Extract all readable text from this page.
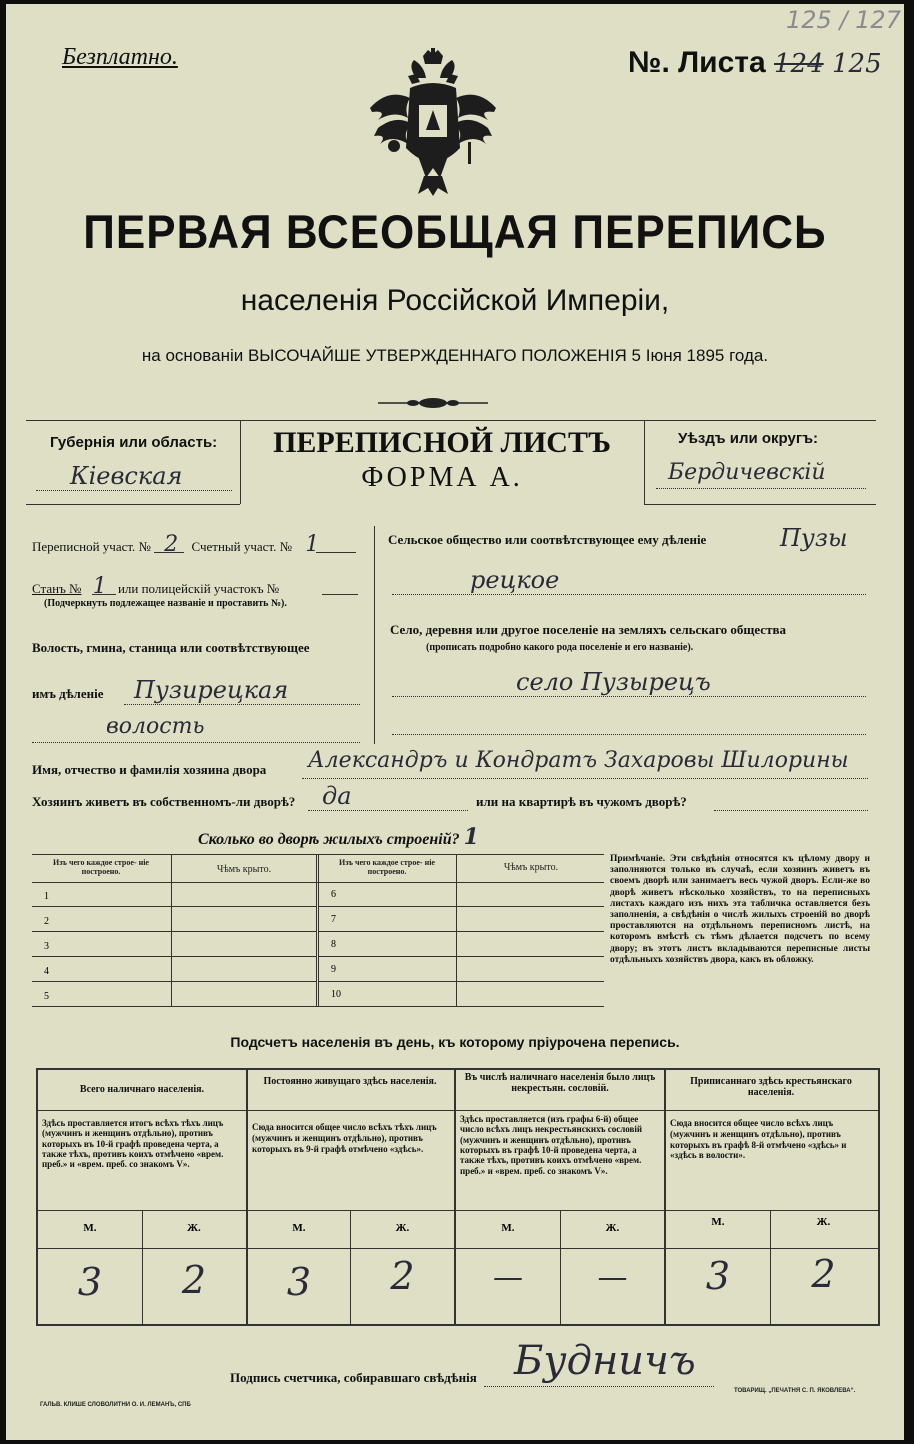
125 / 127
Безплатно.	№. Листа 124 125
ПЕРВАЯ ВСЕОБЩАЯ ПЕРЕПИСЬ
населенія Россійской Имперіи,
на основаніи ВЫСОЧАЙШЕ УТВЕРЖДЕННАГО ПОЛОЖЕНІЯ 5 Іюня 1895 года.
Губернія или область:
Кіевская
ПЕРЕПИСНОЙ ЛИСТЪ
ФОРМА А.
Уѣздъ или округъ:
Бердичевскій
Переписной участ. № 2 Счетный участ. № 1
Станъ № 1 или полицейскій участокъ №
(Подчеркнуть подлежащее названіе и проставить №).
Волость, гмина, станица или соотвѣтствующее
имъ дѣленіе Пузирецкая
волость
Сельское общество или соотвѣтствующее ему дѣленіе	Пузы
рецкое
Село, деревня или другое поселеніе на земляхъ сельскаго общества
(прописать подробно какого рода поселеніе и его названіе).
село Пузырецъ
Имя, отчество и фамилія хозяина двора Александръ и Кондратъ Захаровы Шилорины
Хозяинъ живетъ въ собственномъ-ли дворѣ? да	или на квартирѣ въ чужомъ дворѣ?
Сколько во дворѣ жилыхъ строеній? 1
Изъ чего каждое строе- ніе построено.	Чѣмъ крыто.
Изъ чего каждое строе- ніе построено.	Чѣмъ крыто.
1
2
3
4
5
6
7
8
9
10
Примѣчаніе. Эти свѣдѣнія относятся къ цѣлому двору и заполняются только въ случаѣ, если хозяинъ живетъ въ своемъ дворѣ или занимаетъ весь чужой дворъ. Если-же во дворѣ живетъ нѣсколько хозяйствъ, то на переписныхъ листахъ каждаго изъ нихъ эта табличка оставляется безъ заполненія, а свѣдѣнія о числѣ жилыхъ строеній во дворѣ проставляются на отдѣльномъ переписномъ листѣ, на которомъ вмѣстѣ съ тѣмъ дѣлается подсчетъ по всему двору; въ этотъ листъ вкладываются переписные листы отдѣльныхъ хозяйствъ двора, какъ въ обложку.
Подсчетъ населенія въ день, къ которому пріурочена перепись.
Всего наличнаго населенія.
Здѣсь проставляется итогъ всѣхъ тѣхъ лицъ (мужчинъ и женщинъ отдѣльно), противъ которыхъ въ 10-й графѣ проведена черта, а также тѣхъ, противъ коихъ отмѣчено «врем. преб.» и «врем. преб. со знакомъ V».
М.	Ж.
3	2
Постоянно живущаго здѣсь населенія.
Сюда вносится общее число всѣхъ тѣхъ лицъ (мужчинъ и женщинъ отдѣльно), противъ которыхъ въ 9-й графѣ отмѣчено «здѣсь».
М.	Ж.
3	2
Въ числѣ наличнаго населенія было лицъ некрестьян. сословій.
Здѣсь проставляется (изъ графы 6-й) общее число всѣхъ лицъ некрестьянскихъ сословій (мужчинъ и женщинъ отдѣльно), противъ которыхъ въ графѣ 10-й проведена черта, а также тѣхъ, противъ коихъ отмѣчено «врем. преб.» и «врем. преб. со знакомъ V».
М.	Ж.
—	—
Приписаннаго здѣсь крестьянскаго населенія.
Сюда вносится общее число всѣхъ лицъ (мужчинъ и женщинъ отдѣльно), противъ которыхъ въ графѣ 8-й отмѣчено «здѣсь» и «здѣсь в волости».
М.	Ж.
3	2
Подпись счетчика, собиравшаго свѣдѣнія Будничъ
ГАЛЬВ. КЛИШЕ СЛОВОЛИТНИ О. И. ЛЕМАНЪ, СПБ
ТОВАРИЩ. „ПЕЧАТНЯ С. П. ЯКОВЛЕВА“.
